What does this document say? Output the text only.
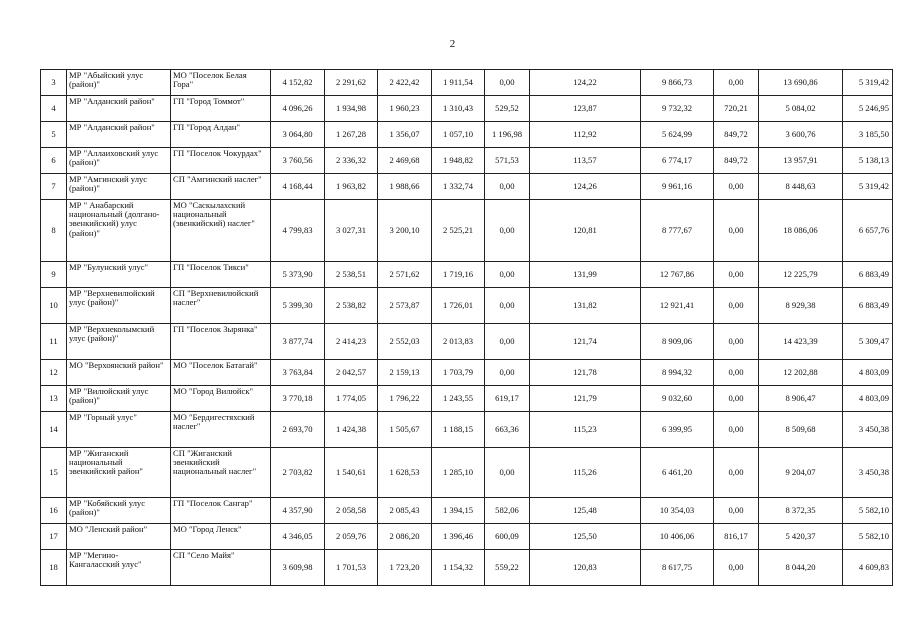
2
3	МР "Абыйский улус (район)"	МО "Поселок Белая Гора"	4 152,82	2 291,62	2 422,42	1 911,54	0,00	124,22	9 866,73	0,00	13 690,86	5 319,42
4	МР "Алданский район"	ГП "Город Томмот"	4 096,26	1 934,98	1 960,23	1 310,43	529,52	123,87	9 732,32	720,21	5 084,02	5 246,95
5	МР "Алданский район"	ГП "Город Алдан"	3 064,80	1 267,28	1 356,07	1 057,10	1 196,98	112,92	5 624,99	849,72	3 600,76	3 185,50
6	МР "Аллаиховский улус (район)"	ГП "Поселок Чокурдах"	3 760,56	2 336,32	2 469,68	1 948,82	571,53	113,57	6 774,17	849,72	13 957,91	5 138,13
7	МР "Амгинский улус (район)"	СП "Амгинский наслег"	4 168,44	1 963,82	1 988,66	1 332,74	0,00	124,26	9 961,16	0,00	8 448,63	5 319,42
8	МР " Анабарский национальный (долгано-эвенкийский) улус (район)"	МО "Саскылахский национальный (эвенкийский) наслег"	4 799,83	3 027,31	3 200,10	2 525,21	0,00	120,81	8 777,67	0,00	18 086,06	6 657,76
9	МР "Булунский улус"	ГП "Поселок Тикси"	5 373,90	2 538,51	2 571,62	1 719,16	0,00	131,99	12 767,86	0,00	12 225,79	6 883,49
10	МР "Верхневилюйский улус (район)"	СП "Верхневилюйский наслег"	5 399,30	2 538,82	2 573,87	1 726,01	0,00	131,82	12 921,41	0,00	8 929,38	6 883,49
11	МР "Верхнеколымский улус (район)"	ГП "Поселок Зырянка"	3 877,74	2 414,23	2 552,03	2 013,83	0,00	121,74	8 909,06	0,00	14 423,39	5 309,47
12	МО "Верхоянский район"	МО "Поселок Батагай"	3 763,84	2 042,57	2 159,13	1 703,79	0,00	121,78	8 994,32	0,00	12 202,88	4 803,09
13	МР "Вилюйский улус (район)"	МО "Город Вилюйск"	3 770,18	1 774,05	1 796,22	1 243,55	619,17	121,79	9 032,60	0,00	8 906,47	4 803,09
14	МР "Горный улус"	МО "Бердигестяхский наслег"	2 693,70	1 424,38	1 505,67	1 188,15	663,36	115,23	6 399,95	0,00	8 509,68	3 450,38
15	МР "Жиганский национальный эвенкийский район"	СП "Жиганский эвенкийский национальный наслег"	2 703,82	1 540,61	1 628,53	1 285,10	0,00	115,26	6 461,20	0,00	9 204,07	3 450,38
16	МР "Кобяйский улус (район)"	ГП "Поселок Сангар"	4 357,90	2 058,58	2 085,43	1 394,15	582,06	125,48	10 354,03	0,00	8 372,35	5 582,10
17	МО "Ленский район"	МО "Город Ленск"	4 346,05	2 059,76	2 086,20	1 396,46	600,09	125,50	10 406,06	816,17	5 420,37	5 582,10
18	МР "Мегино-Кангаласский улус"	СП "Село Майя"	3 609,98	1 701,53	1 723,20	1 154,32	559,22	120,83	8 617,75	0,00	8 044,20	4 609,83
